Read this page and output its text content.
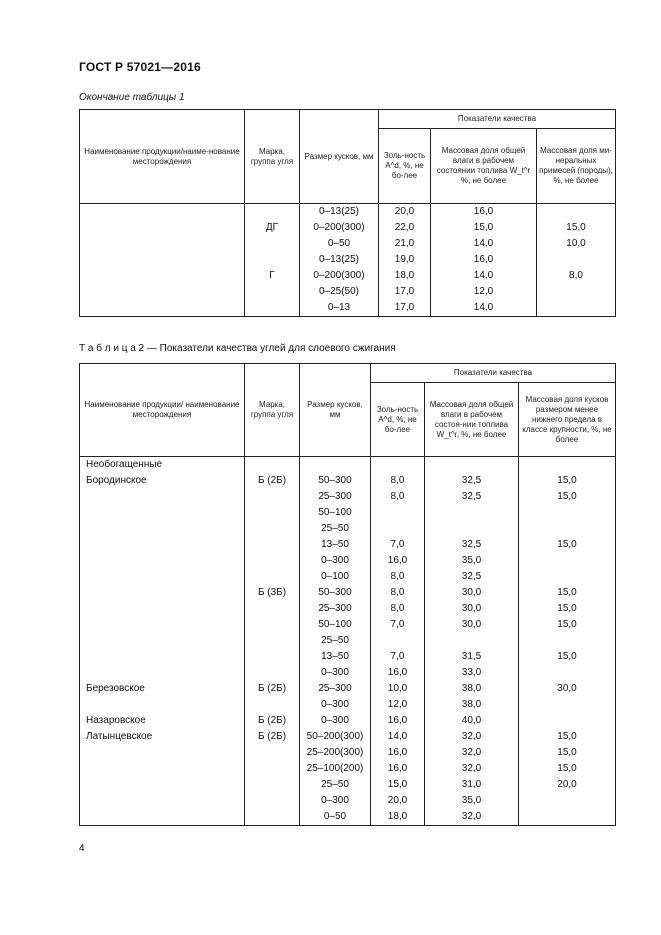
ГОСТ Р 57021—2016
Окончание таблицы 1
Наименование продукции/наиме-нование месторождения	Марка, группа угля	Размер кусков, мм	Показатели качества		
			Золь-ность A^d, %, не бо-лее	Массовая доля общей влаги в рабочем состоянии топлива W_t^r %, не более	Массовая доля ми-неральных примесей (породы), %, не более
		0–13(25)	20,0	16,0	
	ДГ	0–200(300)	22,0	15,0	15,0
		0–50	21,0	14,0	10,0
		0–13(25)	19,0	16,0	
	Г	0–200(300)	18,0	14,0	8,0
		0–25(50)	17,0	12,0	
		0–13	17,0	14,0	
Т а б л и ц а 2 — Показатели качества углей для слоевого сжигания
Наименование продукции/ наименование месторождения	Марка, группа угля	Размер кусков, мм	Показатели качества		
			Золь-ность A^d, %, не бо-лее	Массовая доля общей влаги в рабочем состоя-нии топлива W_t^r, %, не более	Массовая доля кусков размером менее нижнего предела в классе крупности, %, не более
Необогащенные					
Бородинское	Б (2Б)	50–300	8,0	32,5	15,0
		25–300	8,0	32,5	15,0
		50–100			
		25–50			
		13–50	7,0	32,5	15,0
		0–300	16,0	35,0	
		0–100	8,0	32,5	
	Б (3Б)	50–300	8,0	30,0	15,0
		25–300	8,0	30,0	15,0
		50–100	7,0	30,0	15,0
		25–50			
		13–50	7,0	31,5	15,0
		0–300	16,0	33,0	
Березовское	Б (2Б)	25–300	10,0	38,0	30,0
		0–300	12,0	38,0	
Назаровское	Б (2Б)	0–300	16,0	40,0	
Латынцевское	Б (2Б)	50–200(300)	14,0	32,0	15,0
		25–200(300)	16,0	32,0	15,0
		25–100(200)	16,0	32,0	15,0
		25–50	15,0	31,0	20,0
		0–300	20,0	35,0	
		0–50	18,0	32,0	
4
